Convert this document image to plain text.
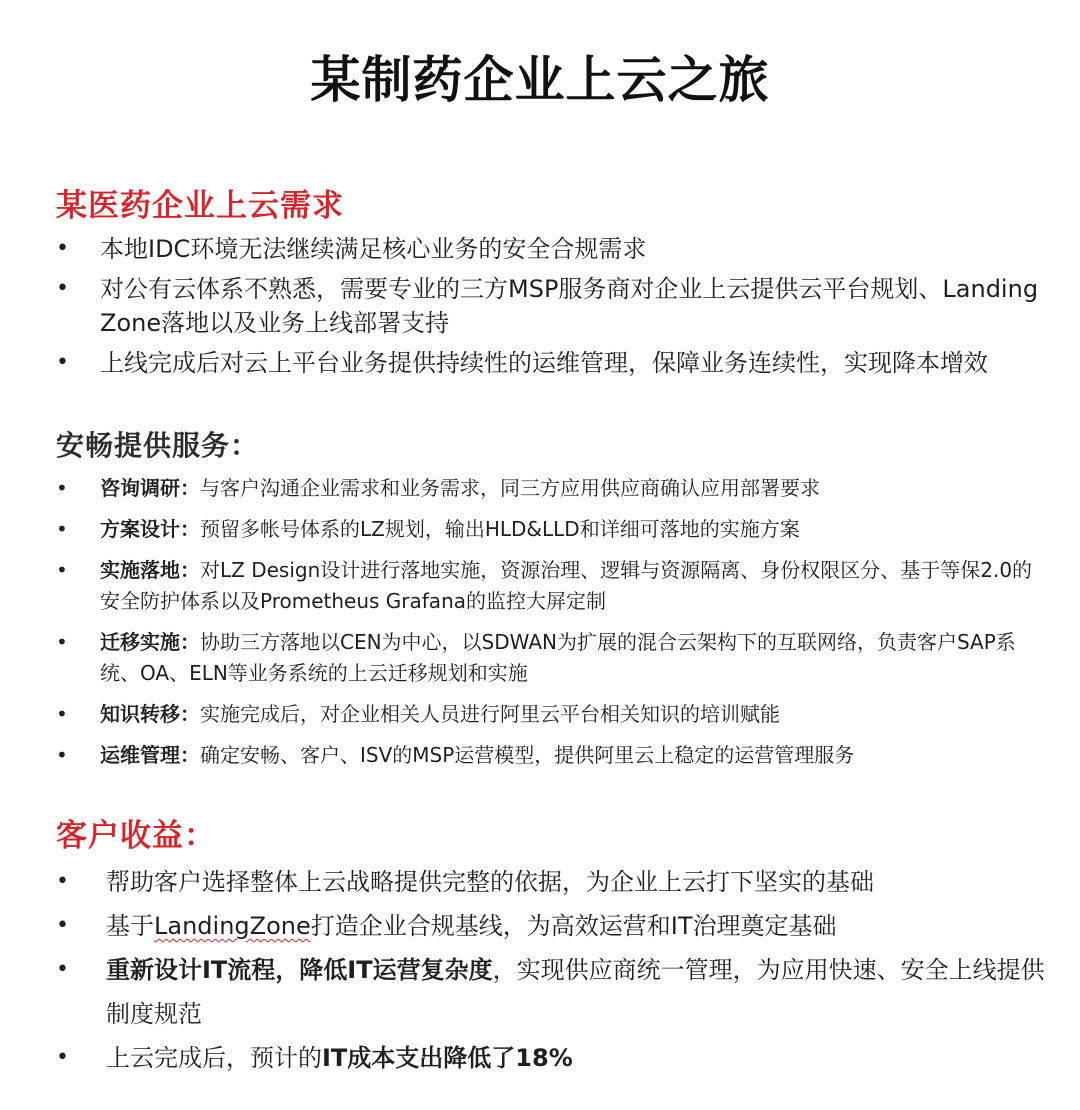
某制药企业上云之旅
某医药企业上云需求
• 本地IDC环境无法继续满足核心业务的安全合规需求
• 对公有云体系不熟悉，需要专业的三方MSP服务商对企业上云提供云平台规划、Landing Zone落地以及业务上线部署支持
• 上线完成后对云上平台业务提供持续性的运维管理，保障业务连续性，实现降本增效
安畅提供服务：
• 咨询调研：与客户沟通企业需求和业务需求，同三方应用供应商确认应用部署要求
• 方案设计：预留多帐号体系的LZ规划，输出HLD&LLD和详细可落地的实施方案
• 实施落地：对LZ Design设计进行落地实施，资源治理、逻辑与资源隔离、身份权限区分、基于等保2.0的安全防护体系以及Prometheus Grafana的监控大屏定制
• 迁移实施：协助三方落地以CEN为中心，以SDWAN为扩展的混合云架构下的互联网络，负责客户SAP系统、OA、ELN等业务系统的上云迁移规划和实施
• 知识转移：实施完成后，对企业相关人员进行阿里云平台相关知识的培训赋能
• 运维管理：确定安畅、客户、ISV的MSP运营模型，提供阿里云上稳定的运营管理服务
客户收益：
• 帮助客户选择整体上云战略提供完整的依据，为企业上云打下坚实的基础
• 基于LandingZone打造企业合规基线，为高效运营和IT治理奠定基础
• 重新设计IT流程，降低IT运营复杂度，实现供应商统一管理，为应用快速、安全上线提供制度规范
• 上云完成后，预计的IT成本支出降低了18%
